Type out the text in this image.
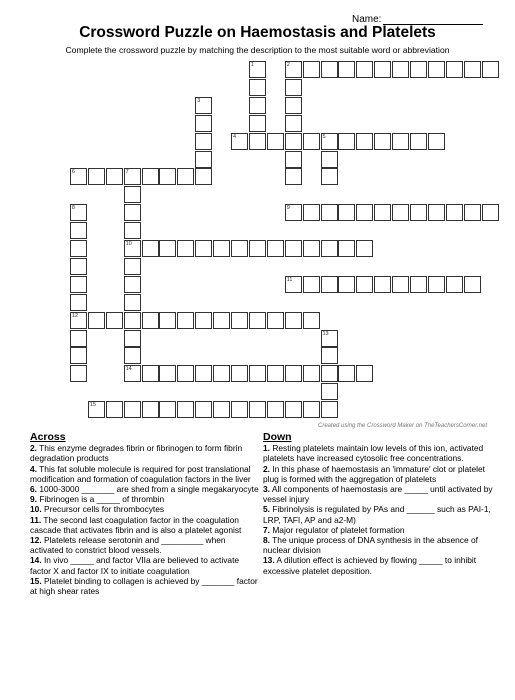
Name:
Crossword Puzzle on Haemostasis and Platelets
Complete the crossword puzzle by matching the description to the most suitable word or abbreviation
1	2
3
4	5
6	7
10
14
8
12
9
11
13
15
Created using the Crossword Maker on TheTeachersCorner.net
Across
2. This enzyme degrades fibrin or fibrinogen to form fibrin degradation products
4. This fat soluble molecule is required for post translational modification and formation of coagulation factors in the liver
6. 1000-3000 _______ are shed from a single megakaryocyte
9. Fibrinogen is a _____ of thrombin
10. Precursor cells for thrombocytes
11. The second last coagulation factor in the coagulation cascade that activates fibrin and is also a platelet agonist
12. Platelets release serotonin and _________ when activated to constrict blood vessels.
14. In vivo _____ and factor VIIa are believed to activate factor X and factor IX to initiate coagulation
15. Platelet binding to collagen is achieved by _______ factor at high shear rates
Down
1. Resting platelets maintain low levels of this ion, activated platelets have increased cytosolic free concentrations.
2. In this phase of haemostasis an 'immature' clot or platelet plug is formed with the aggregation of platelets
3. All components of haemostasis are _____ until activated by vessel injury
5. Fibrinolysis is regulated by PAs and ______ such as PAI-1, LRP, TAFI, AP and a2-M)
7. Major regulator of platelet formation
8. The unique process of DNA synthesis in the absence of nuclear division
13. A dilution effect is achieved by flowing _____ to inhibit excessive platelet deposition.
